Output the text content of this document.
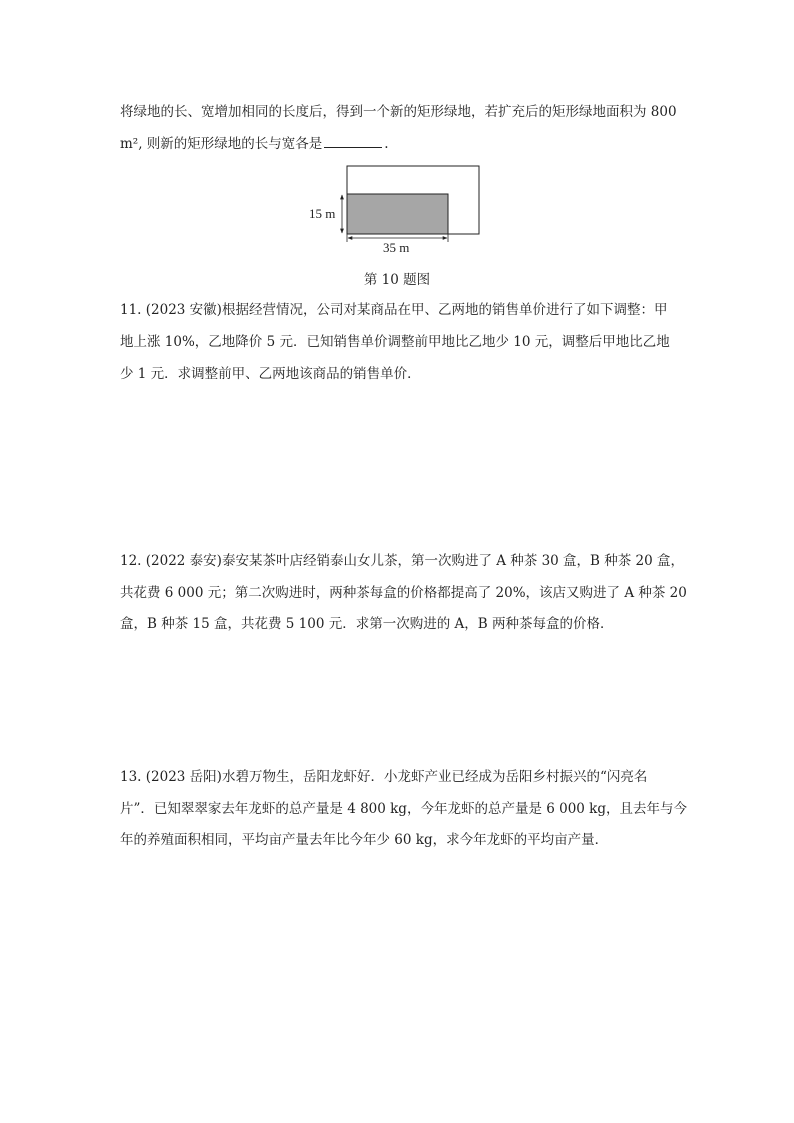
将绿地的长、宽增加相同的长度后，得到一个新的矩形绿地，若扩充后的矩形绿地面积为 800
m², 则新的矩形绿地的长与宽各是	.
15 m
35 m
第 10 题图
11. (2023 安徽)根据经营情况，公司对某商品在甲、乙两地的销售单价进行了如下调整：甲
地上涨 10%，乙地降价 5 元．已知销售单价调整前甲地比乙地少 10 元，调整后甲地比乙地
少 1 元．求调整前甲、乙两地该商品的销售单价．
12. (2022 泰安)泰安某茶叶店经销泰山女儿茶，第一次购进了 A 种茶 30 盒，B 种茶 20 盒，
共花费 6 000 元；第二次购进时，两种茶每盒的价格都提高了 20%，该店又购进了 A 种茶 20
盒，B 种茶 15 盒，共花费 5 100 元．求第一次购进的 A，B 两种茶每盒的价格．
13. (2023 岳阳)水碧万物生，岳阳龙虾好．小龙虾产业已经成为岳阳乡村振兴的“闪亮名
片”．已知翠翠家去年龙虾的总产量是 4 800 kg，今年龙虾的总产量是 6 000 kg，且去年与今
年的养殖面积相同，平均亩产量去年比今年少 60 kg，求今年龙虾的平均亩产量．
